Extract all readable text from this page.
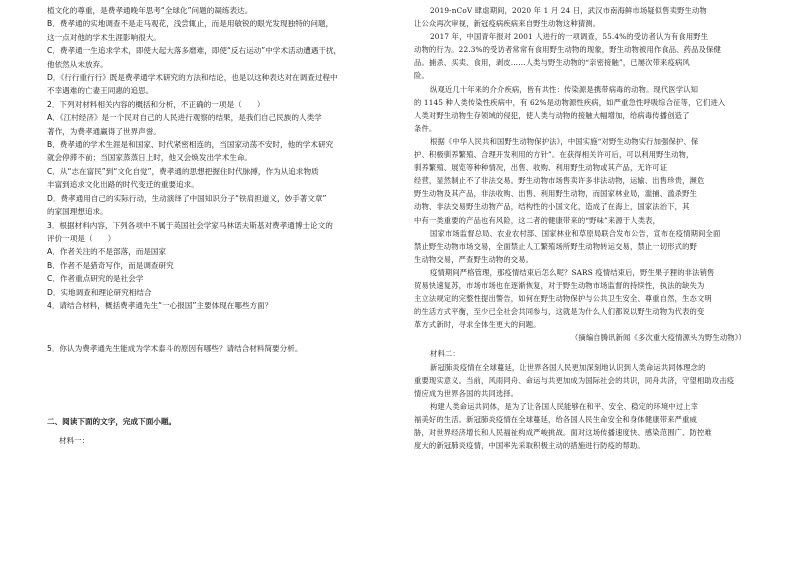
植文化的尊重，是费孝通晚年思考“全球化”问题的凝练表达。

B．费孝通的实地调查不是走马观花，浅尝辄止，而是用敏锐的眼光发现独特的问题，

这一点对他的学术生涯影响很大。

C．费孝通一生追求学术，即使大起大落多磨难，即使“反右运动”中学术活动遭遇干扰，

他依然从未放弃。

D．《行行重行行》既是费孝通学术研究的方法和结论，也是以这种表达对在调查过程中

不幸遇难的亡妻王同惠的追思。

2．下列对材料相关内容的概括和分析，不正确的一项是（　　）

A．《江村经济》是一个民对自己的人民进行观察的结果，是我们自己民族的人类学

著作，为费孝通赢得了世界声誉。

B．费孝通的学术生涯是和国家、时代紧密相连的，当国家动荡不安时，他的学术研究

就会停滞不前；当国家蒸蒸日上时，他又会焕发出学术生命。

C．从“志在富民”到“文化自觉”，费孝通的思想把握住时代脉搏，作为从追求物质

丰富到追求文化出路的时代变迁的重要追求。

D．费孝通用自己的实际行动，生动演绎了中国知识分子“铁肩担道义，妙手著文章”

的家国理想追求。

3．根据材料内容，下列各项中不属于英国社会学家马林诺夫斯基对费孝通博士论文的

评价一项是（　　）

A．作者关注的不是部落，而是国家

B．作者不是猎奇写作，而是调查研究

C．作者重点研究的是社会学

D．实地调查和理论研究相结合

4．请结合材料，概括费孝通先生“一心报国”主要体现在哪些方面？

5．你认为费孝通先生能成为学术泰斗的原因有哪些？请结合材料简要分析。

二、阅读下面的文字，完成下面小题。

材料一：

2019-nCoV 肆虐期间，2020 年 1 月 24 日，武汉市南海鲜市场疑似售卖野生动物

让公众再次审视，新冠疫病疾病来自野生动物这种猜测。

2017 年，中国青年报对 2001 人进行的一项调查，55.4%的受访者认为有食用野生

动物的行为。22.3%的受访者常常有食用野生动物的现象，野生动物被用作食品、药品及保健

品。捕杀、买卖、食用，剥皮……人类与野生动物的“亲密接触”，已屡次带来疫病风

险。

纵观近几十年来的介介疾病，皆有共性：传染源是携带病毒的动物。现代医学认知

的 1145 种人类传染性疾病中，有 62%是动物源性疾病，如严重急性呼吸综合征等，它们进入

人类对野生动物生存领域的侵犯，使人类与动物的接触大幅增加，给病毒传播创造了

条件。

根据《中华人民共和国野生动物保护法》，中国实施“对野生动物实行加强保护、保

护、积极驯养繁殖、合理开发利用的方针”。在获得相关许可后，可以利用野生动物，

驯养繁殖、展览等种种情况，出售、收购、利用野生动物或其产品，无许可证

经营，显然制止不了非法交易。野生动物市场售卖许多非法动物，运输、出售珍贵，濒危

野生动物及其产品，非法收购、出售、利用野生动物，而国家林业局，滥捕、滥杀野生

动物、非法交易野生动物产品，结构性的小国文化，造成了在海上，国家法治下，其

中有一类重要的产品也有风险，这二者的健康带来的“野味”来源于人类表，

国家市场监督总局、农业农村部、国家林业和草原局联合发布公告，宣布在疫情期间全面

禁止野生动物市场交易，全面禁止人工繁殖场所野生动物转运交易，禁止一切形式的野

生动物交易，严查野生动物的交易。

疫情期间严格管理，那疫情结束后怎么呢？SARS 疫情结束后，野生果子狸的非法销售

贸易快速复苏，市场市场也在逐渐恢复，对于野生动物市场监督的持续性，执法的缺失为

主立法规定的完整性提出警告，如何在野生动物保护与公共卫生安全、尊重自然，生态文明

的生活方式平衡，至少已全社会共同参与，这就是为什么人们都说以野生动物为代表的变

革方式新时，寻求全体生更大的问题。

（摘编自腾讯新闻《多次重大疫情源头为野生动物》）

材料二：

新冠肺炎疫情在全球蔓延，让世界各国人民更加深刻地认识到人类命运共同体理念的

重要现实意义。当前，风雨同舟、命运与共更加成为国际社会的共识，同舟共济，守望相助攻击疫

情应成为世界各国的共同选择。

构建人类命运共同体，是为了让各国人民能够在和平、安全、稳定的环境中过上幸

福美好的生活。新冠肺炎疫情在全球蔓延，给各国人民生命安全和身体健康带来严重威

胁，对世界经济增长和人民福祉构成严峻挑战。面对这场传播速度快、感染范围广、防控难

度大的新冠肺炎疫情，中国率先采取积极主动的措施进行防疫的帮助。
